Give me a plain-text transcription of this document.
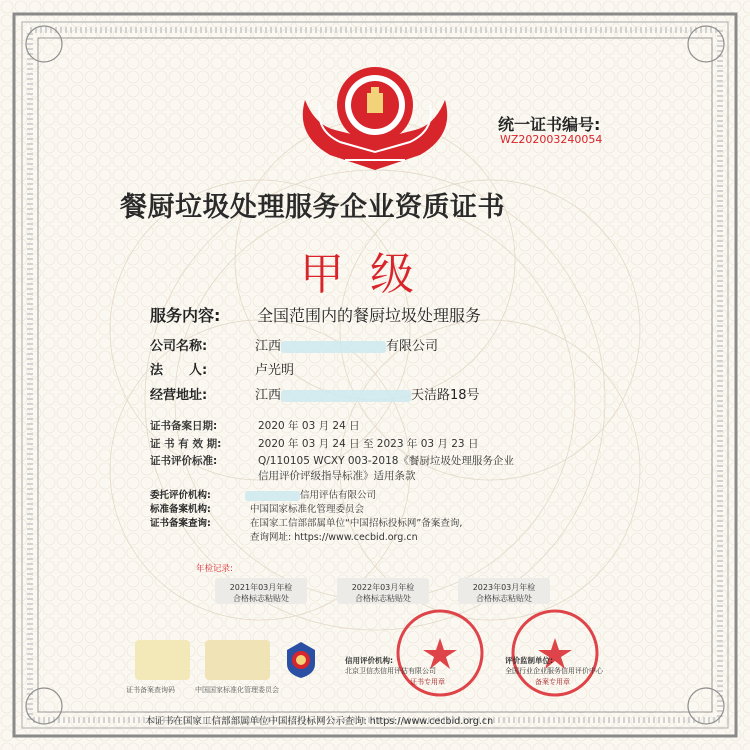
统一证书编号:
WZ202003240054
餐厨垃圾处理服务企业资质证书
甲级
服务内容: 全国范围内的餐厨垃圾处理服务
公司名称:	江西	有限公司
法　　人:	卢光明
经营地址:	江西	天洁路18号
证书备案日期:	2020 年 03 月 24 日
证 书 有 效 期:	2020 年 03 月 24 日 至 2023 年 03 月 23 日
证书评价标准:	Q/110105 WCXY 003-2018《餐厨垃圾处理服务企业
信用评价评级指导标准》适用条款
委托评价机构:	信用评估有限公司
标准备案机构:	中国国家标准化管理委员会
证书备案查询:	在国家工信部部属单位“中国招标投标网”备案查询,
查询网址: https://www.cecbid.org.cn
年检记录:
2021年03月年检
合格标志粘贴处
2022年03月年检
合格标志粘贴处
2023年03月年检
合格标志粘贴处
证书备案查询码	中国国家标准化管理委员会
信用评价机构:
北京卫信杰信用评估有限公司
证书专用章
评价监制单位:
全国行业企业服务信用评价中心
备案专用章
本证书在国家工信部部属单位中国招投标网公示查询: https://www.cecbid.org.cn
